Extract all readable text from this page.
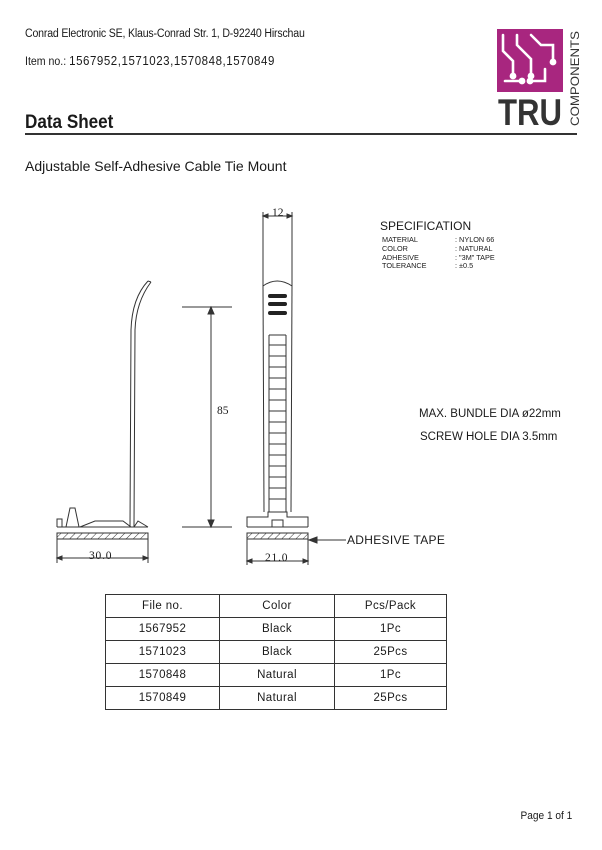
Conrad Electronic SE, Klaus-Conrad Str. 1, D-92240 Hirschau
Item no.: 1567952,1571023,1570848,1570849
TRU COMPONENTS
Data Sheet
Adjustable Self-Adhesive Cable Tie Mount
SPECIFICATION
MATERIAL	: NYLON 66
COLOR	: NATURAL
ADHESIVE	: "3M" TAPE
TOLERANCE	: ±0.5
12
85
30.0	21.0
MAX. BUNDLE DIA ø22mm
SCREW HOLE DIA 3.5mm
ADHESIVE TAPE
File no.	Color	Pcs/Pack
1567952	Black	1Pc
1571023	Black	25Pcs
1570848	Natural	1Pc
1570849	Natural	25Pcs
Page 1 of 1
